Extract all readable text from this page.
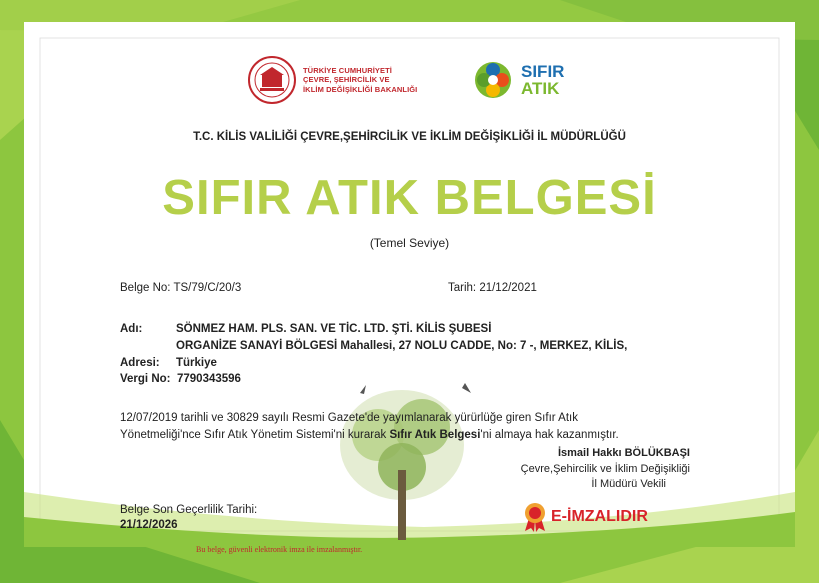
TÜRKİYE CUMHURİYETİ
ÇEVRE, ŞEHİRCİLİK VE
İKLİM DEĞİŞİKLİĞİ BAKANLIĞI
SIFIR
ATIK
T.C. KİLİS VALİLİĞİ ÇEVRE,ŞEHİRCİLİK VE İKLİM DEĞİŞİKLİĞİ İL MÜDÜRLÜĞÜ
SIFIR ATIK BELGESİ
(Temel Seviye)
Belge No: TS/79/C/20/3	Tarih: 21/12/2021
Adı:	SÖNMEZ HAM. PLS. SAN. VE TİC. LTD. ŞTİ. KİLİS ŞUBESİ
ORGANİZE SANAYİ BÖLGESİ Mahallesi, 27 NOLU CADDE, No: 7 -, MERKEZ, KİLİS,
Adresi: Türkiye
Vergi No: 7790343596
12/07/2019 tarihli ve 30829 sayılı Resmi Gazete'de yayımlanarak yürürlüğe giren Sıfır Atık
Yönetmeliği'nce Sıfır Atık Yönetim Sistemi'ni kurarak Sıfır Atık Belgesi'ni almaya hak kazanmıştır.
İsmail Hakkı BÖLÜKBAŞI
Çevre,Şehircilik ve İklim Değişikliği
İl Müdürü Vekili
E-İMZALIDIR
Belge Son Geçerlilik Tarihi:
21/12/2026
Bu belge, güvenli elektronik imza ile imzalanmıştır.
